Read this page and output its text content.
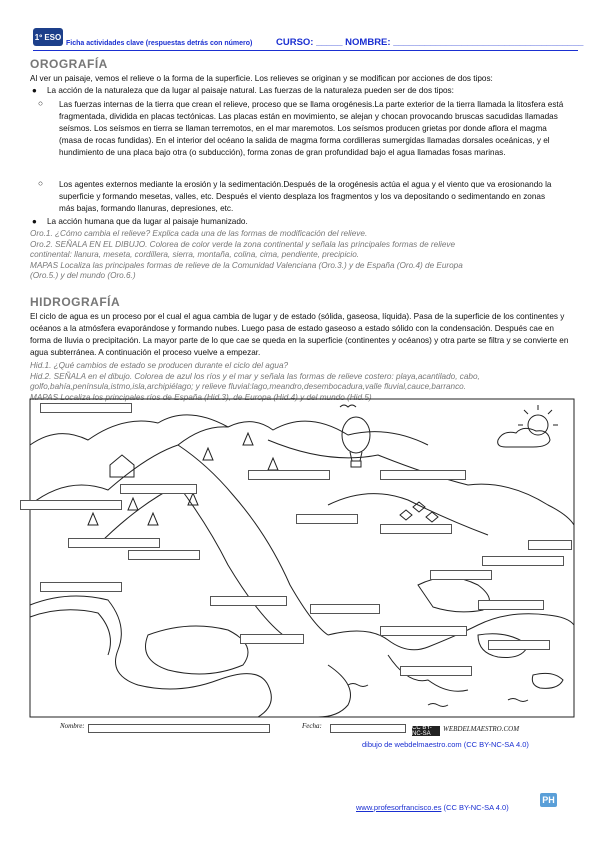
1º ESO
Ficha actividades clave (respuestas detrás con número) CURSO: _____ NOMBRE: ____________________________________
OROGRAFÍA
Al ver un paisaje, vemos el relieve o la forma de la superficie. Los relieves se originan y se modifican por acciones de dos tipos:
● La acción de la naturaleza que da lugar al paisaje natural. Las fuerzas de la naturaleza pueden ser de dos tipos:
○ Las fuerzas internas de la tierra que crean el relieve, proceso que se llama orogénesis.La parte exterior de la tierra llamada la litosfera está fragmentada, dividida en placas tectónicas. Las placas están en movimiento, se alejan y chocan provocando bruscas sacudidas llamadas seísmos. Los seísmos en tierra se llaman terremotos, en el mar maremotos. Los seísmos producen grietas por donde aflora el magma (masa de rocas fundidas). En el interior del océano la salida de magma forma cordilleras sumergidas llamadas dorsales oceánicas, y el hundimiento de una placa bajo otra (o subducción), forma zonas de gran profundidad bajo el agua llamadas fosas marinas.
○ Los agentes externos mediante la erosión y la sedimentación.Después de la orogénesis actúa el agua y el viento que va erosionando la superficie y formando mesetas, valles, etc. Después el viento desplaza los fragmentos y los va depositando o sedimentando en zonas más bajas, formando llanuras, depresiones, etc.
● La acción humana que da lugar al paisaje humanizado.
Oro.1. ¿Cómo cambia el relieve? Explica cada una de las formas de modificación del relieve.
Oro.2. SEÑALA EN EL DIBUJO. Colorea de color verde la zona continental y señala las principales formas de relieve
continental: llanura, meseta, cordillera, sierra, montaña, colina, cima, pendiente, precipicio.
MAPAS Localiza las principales formas de relieve de la Comunidad Valenciana (Oro.3.) y de España (Oro.4) de Europa
(Oro.5.) y del mundo (Oro.6.)
HIDROGRAFÍA
El ciclo de agua es un proceso por el cual el agua cambia de lugar y de estado (sólida, gaseosa, líquida). Pasa de la superficie de los continentes y océanos a la atmósfera evaporándose y formando nubes. Luego pasa de estado gaseoso a estado sólido con la condensación. Después cae en forma de lluvia o precipitación. La mayor parte de lo que cae se queda en la superficie (continentes y océanos) y otra parte se filtra y se convierte en agua subterránea. A continuación el proceso vuelve a empezar.
Hid.1. ¿Qué cambios de estado se producen durante el ciclo del agua?
Hid.2. SEÑALA en el dibujo. Colorea de azul los ríos y el mar y señala las formas de relieve costero: playa,acantilado, cabo,
golfo,bahía,península,istmo,isla,archipiélago; y relieve fluvial:lago,meandro,desembocadura,valle fluvial,cauce,barranco.
MAPAS Localiza los principales ríos de España (Hid.3), de Europa (Hid.4) y del mundo (Hid.5)
Nombre:	Fecha:	CC BY-NC-SA
WEBDELMAESTRO.COM
dibujo de webdelmaestro.com (CC BY-NC-SA 4.0)
www.profesorfrancisco.es (CC BY-NC-SA 4.0)
PH
